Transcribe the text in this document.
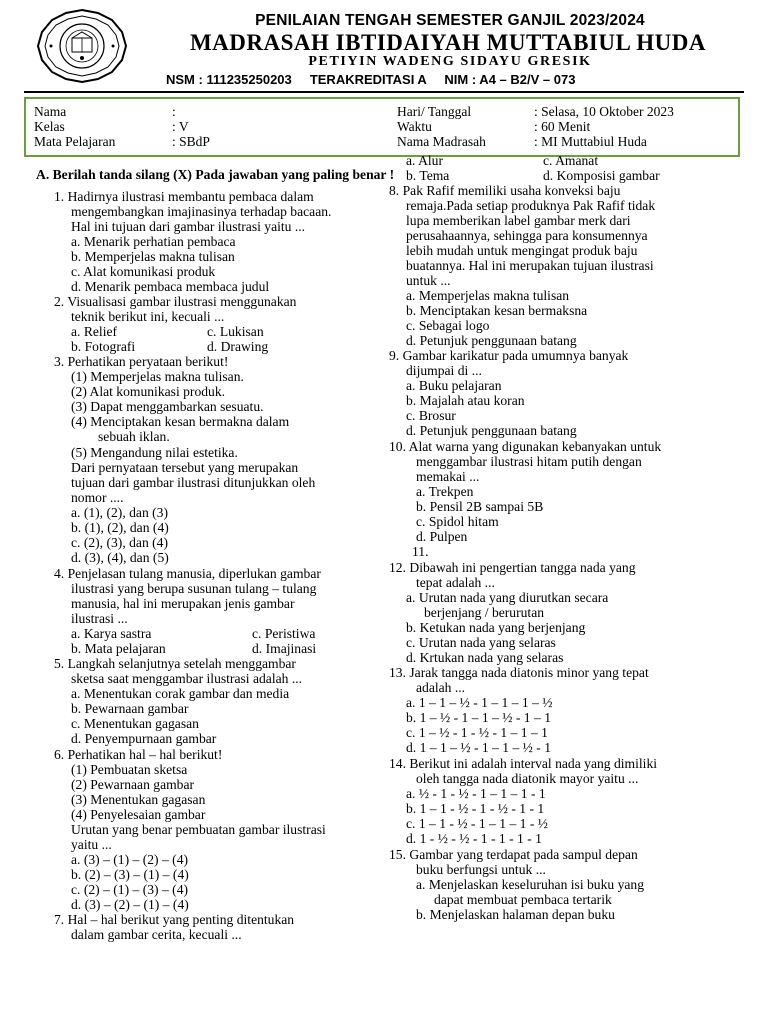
PENILAIAN TENGAH SEMESTER GANJIL 2023/2024
MADRASAH IBTIDAIYAH MUTTABIUL HUDA
PETIYIN WADENG SIDAYU GRESIK
NSM : 111235250203     TERAKREDITASI A     NIM : A4 – B2/V – 073
Nama	:
Kelas	: V
Mata Pelajaran	: SBdP
Hari/ Tanggal	: Selasa, 10 Oktober 2023
Waktu	: 60 Menit
Nama Madrasah	: MI Muttabiul Huda
A. Berilah tanda silang (X) Pada jawaban yang paling benar !
1. Hadirnya ilustrasi membantu pembaca dalam
mengembangkan imajinasinya terhadap bacaan.
Hal ini tujuan dari gambar ilustrasi yaitu ...
a. Menarik perhatian pembaca
b. Memperjelas makna tulisan
c. Alat komunikasi produk
d. Menarik pembaca membaca judul
2. Visualisasi gambar ilustrasi menggunakan
teknik berikut ini, kecuali ...
a. Relief	c. Lukisan
b. Fotografi	d. Drawing
3. Perhatikan peryataan berikut!
(1) Memperjelas makna tulisan.
(2) Alat komunikasi produk.
(3) Dapat menggambarkan sesuatu.
(4) Menciptakan kesan bermakna dalam
sebuah iklan.
(5) Mengandung nilai estetika.
Dari pernyataan tersebut yang merupakan
tujuan dari gambar ilustrasi ditunjukkan oleh
nomor ....
a. (1), (2), dan (3)
b. (1), (2), dan (4)
c. (2), (3), dan (4)
d. (3), (4), dan (5)
4. Penjelasan tulang manusia, diperlukan gambar
ilustrasi yang berupa susunan tulang – tulang
manusia, hal ini merupakan jenis gambar
ilustrasi ...
a. Karya sastra	c. Peristiwa
b. Mata pelajaran	d. Imajinasi
5. Langkah selanjutnya setelah menggambar
sketsa saat menggambar ilustrasi adalah ...
a. Menentukan corak gambar dan media
b. Pewarnaan gambar
c. Menentukan gagasan
d. Penyempurnaan gambar
6. Perhatikan hal – hal berikut!
(1) Pembuatan sketsa
(2) Pewarnaan gambar
(3) Menentukan gagasan
(4) Penyelesaian gambar
Urutan yang benar pembuatan gambar ilustrasi
yaitu ...
a. (3) – (1) – (2) – (4)
b. (2) – (3) – (1) – (4)
c. (2) – (1) – (3) – (4)
d. (3) – (2) – (1) – (4)
7. Hal – hal berikut yang penting ditentukan
dalam gambar cerita, kecuali ...
a. Alur	c. Amanat
b. Tema	d. Komposisi gambar
8. Pak Rafif memiliki usaha konveksi baju
remaja.Pada setiap produknya Pak Rafif tidak
lupa memberikan label gambar merk dari
perusahaannya, sehingga para konsumennya
lebih mudah untuk mengingat produk baju
buatannya. Hal ini merupakan tujuan ilustrasi
untuk ...
a. Memperjelas makna tulisan
b. Menciptakan kesan bermaksna
c. Sebagai logo
d. Petunjuk penggunaan batang
9. Gambar karikatur pada umumnya banyak
dijumpai di ...
a. Buku pelajaran
b. Majalah atau koran
c. Brosur
d. Petunjuk penggunaan batang
10. Alat warna yang digunakan kebanyakan untuk
menggambar ilustrasi hitam putih dengan
memakai ...
a. Trekpen
b. Pensil 2B sampai 5B
c. Spidol hitam
d. Pulpen
11.
12. Dibawah ini pengertian tangga nada yang
tepat adalah ...
a. Urutan nada yang diurutkan secara
berjenjang / berurutan
b. Ketukan nada yang berjenjang
c. Urutan nada yang selaras
d. Krtukan nada yang selaras
13. Jarak tangga nada diatonis minor yang tepat
adalah ...
a. 1 – 1 – ½ - 1 – 1 – 1 – ½
b. 1 – ½ - 1 – 1 – ½ - 1 – 1
c. 1 – ½ - 1 - ½ - 1 – 1 – 1
d. 1 – 1 – ½ - 1 – 1 – ½ - 1
14. Berikut ini adalah interval nada yang dimiliki
oleh tangga nada diatonik mayor yaitu ...
a. ½ - 1 - ½ - 1 – 1 – 1 - 1
b. 1 – 1 - ½ - 1 - ½ - 1 - 1
c. 1 – 1 - ½ - 1 – 1 – 1 - ½
d. 1 - ½ - ½ - 1 - 1 - 1 - 1
15. Gambar yang terdapat pada sampul depan
buku berfungsi untuk ...
a. Menjelaskan keseluruhan isi buku yang
dapat membuat pembaca tertarik
b. Menjelaskan halaman depan buku
